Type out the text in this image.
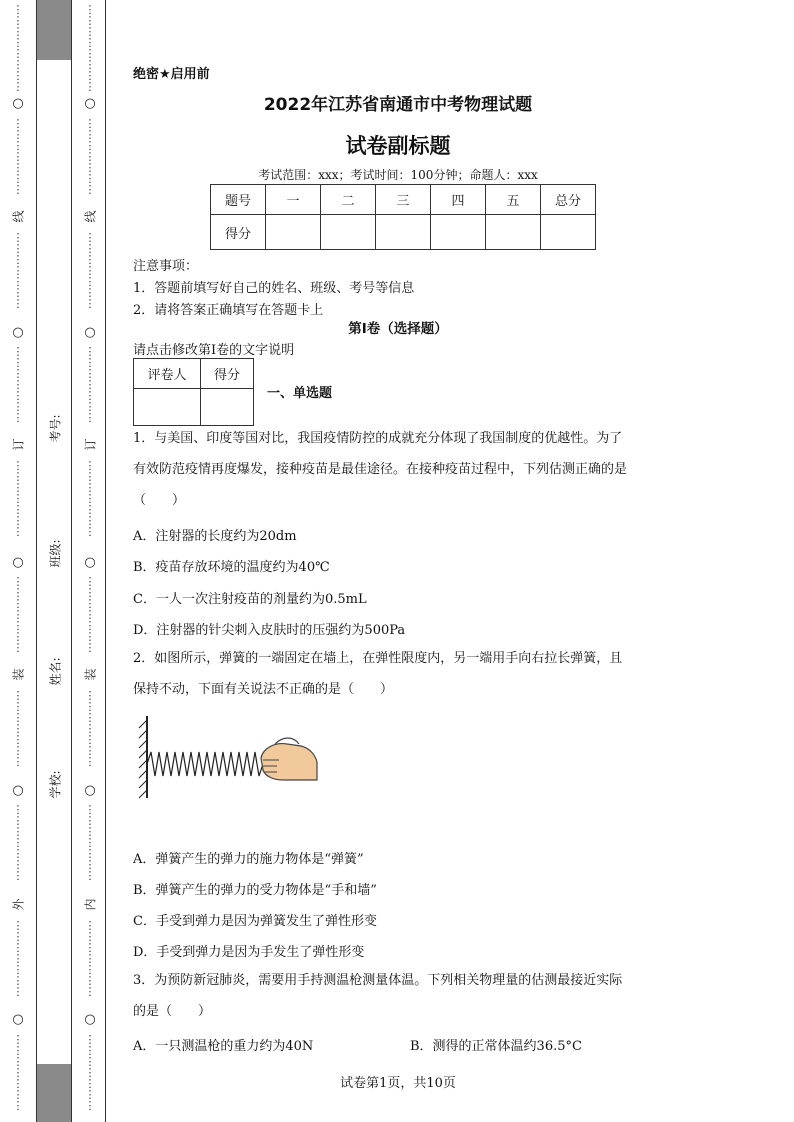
⋮
⋮
⋮
⋮
⋮
⋮
⋮
⋮
○
⋮
⋮
⋮
⋮
⋮
⋮
⋮
线
⋮
⋮
⋮
⋮
⋮
⋮
⋮
○
⋮
⋮
⋮
⋮
⋮
⋮
⋮
订
⋮
⋮
⋮
⋮
⋮
⋮
⋮
○
⋮
⋮
⋮
⋮
⋮
⋮
⋮
装
⋮
⋮
⋮
⋮
⋮
⋮
⋮
○
⋮
⋮
⋮
⋮
⋮
⋮
⋮
外
⋮
⋮
⋮
⋮
⋮
⋮
⋮
○
⋮
⋮
⋮
⋮
⋮
⋮
⋮
考号:
班级:
姓名:
学校:
⋮
⋮
⋮
⋮
⋮
⋮
⋮
⋮
○
⋮
⋮
⋮
⋮
⋮
⋮
⋮
线
⋮
⋮
⋮
⋮
⋮
⋮
⋮
○
⋮
⋮
⋮
⋮
⋮
⋮
⋮
订
⋮
⋮
⋮
⋮
⋮
⋮
⋮
○
⋮
⋮
⋮
⋮
⋮
⋮
⋮
装
⋮
⋮
⋮
⋮
⋮
⋮
⋮
○
⋮
⋮
⋮
⋮
⋮
⋮
⋮
内
⋮
⋮
⋮
⋮
⋮
⋮
⋮
○
⋮
⋮
⋮
⋮
⋮
⋮
⋮
绝密★启用前
2022年江苏省南通市中考物理试题
试卷副标题
考试范围：xxx；考试时间：100分钟；命题人：xxx
题号	一	二	三	四	五	总分
得分						
注意事项：
1．答题前填写好自己的姓名、班级、考号等信息
2．请将答案正确填写在答题卡上
第I卷（选择题）
请点击修改第I卷的文字说明
评卷人	得分

一、单选题
1．与美国、印度等国对比，我国疫情防控的成就充分体现了我国制度的优越性。为了
有效防范疫情再度爆发，接种疫苗是最佳途径。在接种疫苗过程中，下列估测正确的是
（　　）
A．注射器的长度约为20dm
B．疫苗存放环境的温度约为40℃
C．一人一次注射疫苗的剂量约为0.5mL
D．注射器的针尖刺入皮肤时的压强约为500Pa
2．如图所示，弹簧的一端固定在墙上，在弹性限度内，另一端用手向右拉长弹簧，且
保持不动，下面有关说法不正确的是（　　）
A．弹簧产生的弹力的施力物体是“弹簧”
B．弹簧产生的弹力的受力物体是“手和墙”
C．手受到弹力是因为弹簧发生了弹性形变
D．手受到弹力是因为手发生了弹性形变
3．为预防新冠肺炎，需要用手持测温枪测量体温。下列相关物理量的估测最接近实际
的是（　　）
A．一只测温枪的重力约为40N	B．测得的正常体温约36.5°C
试卷第1页，共10页
